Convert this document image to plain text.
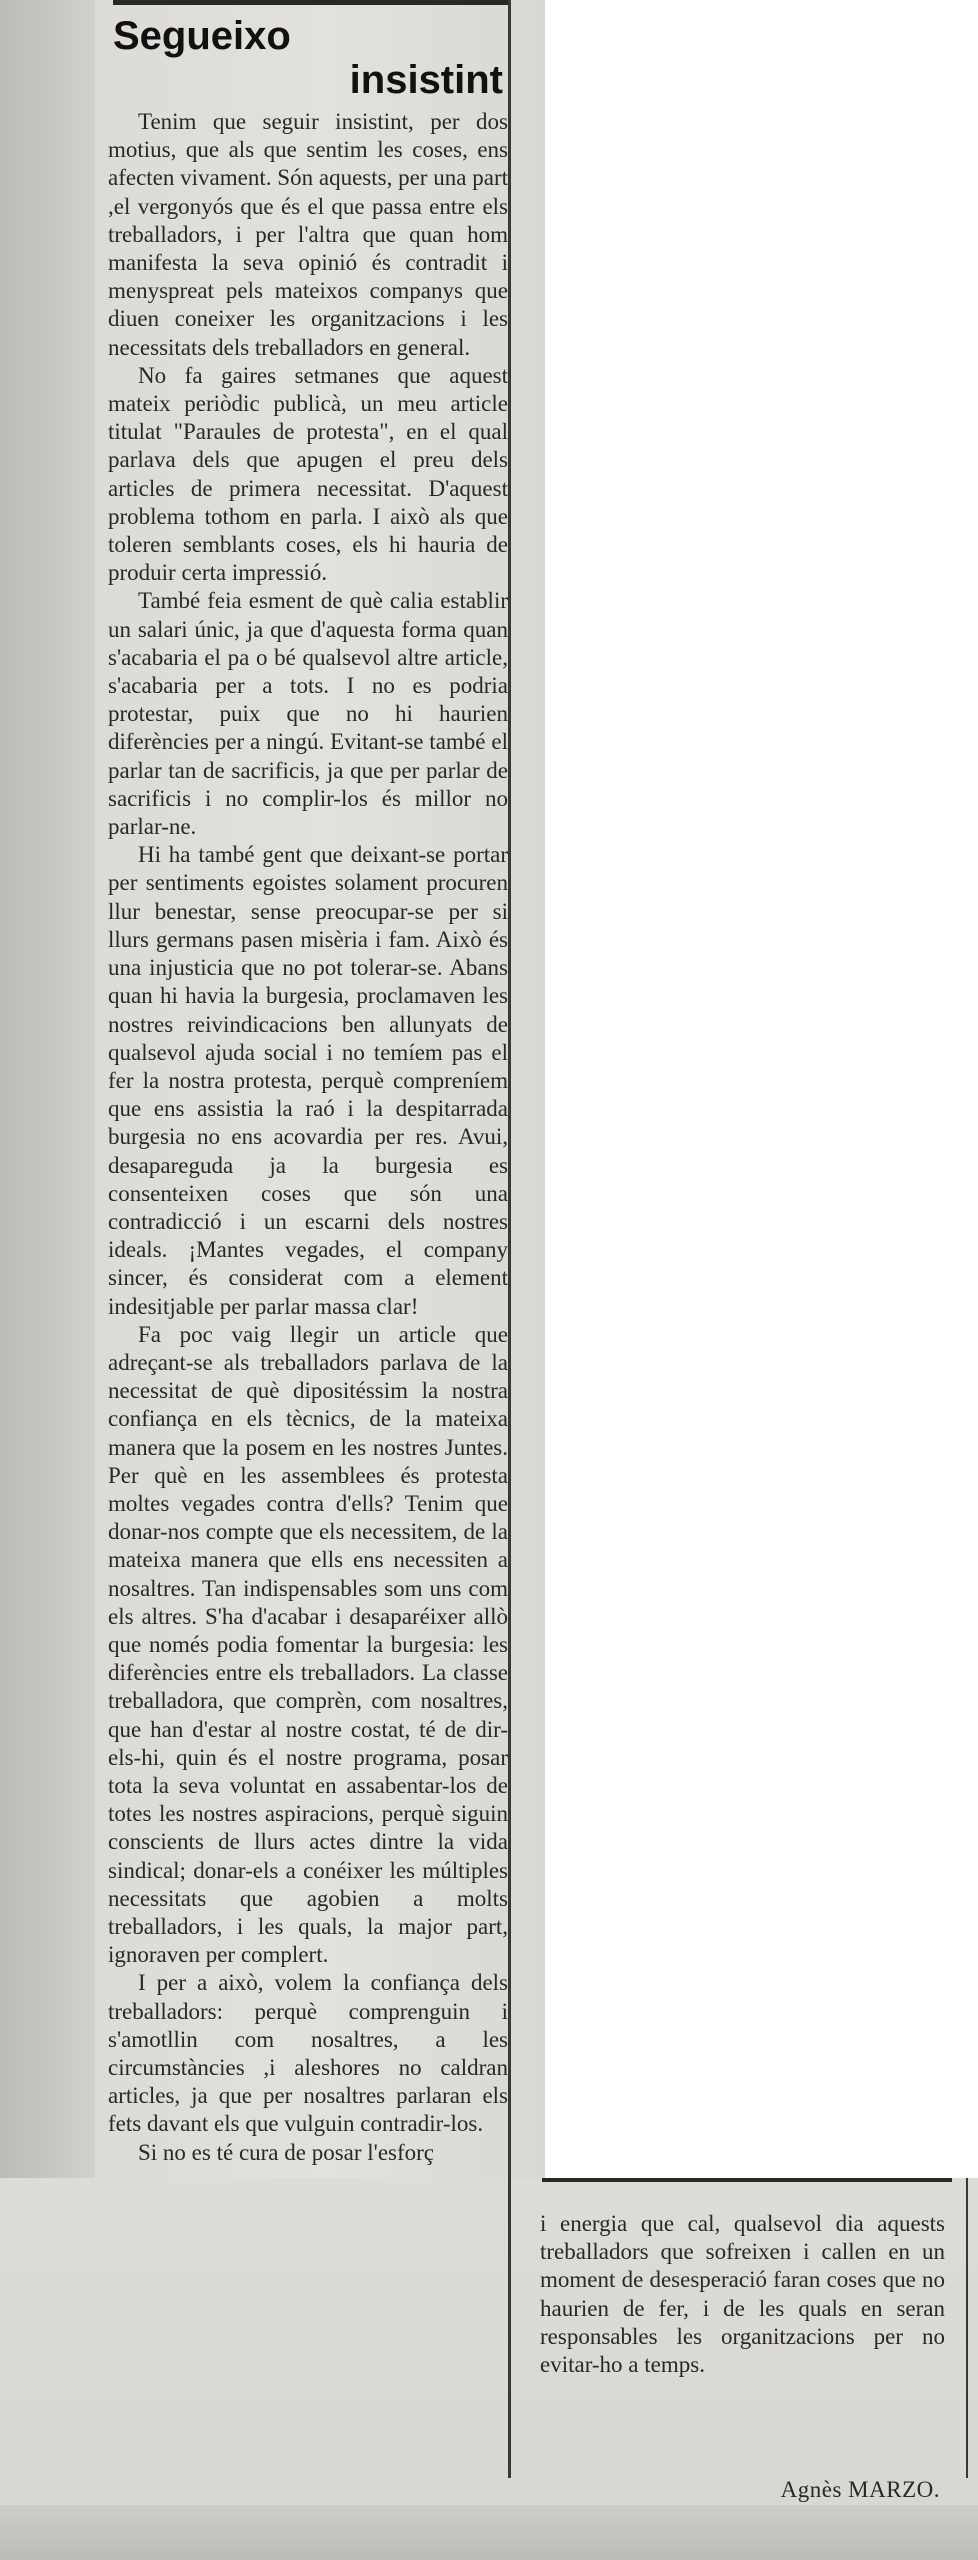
Segueixo
insistint

Tenim que seguir insistint, per dos motius, que als que sentim les coses, ens afecten vivament. Són aquests, per una part ,el vergonyós que és el que passa entre els treballadors, i per l'altra que quan hom manifesta la seva opinió és contradit i menyspreat pels mateixos companys que diuen coneixer les organitzacions i les necessitats dels treballadors en general.

No fa gaires setmanes que aquest mateix periòdic publicà, un meu article titulat "Paraules de protesta", en el qual parlava dels que apugen el preu dels articles de primera necessitat. D'aquest problema tothom en parla. I això als que toleren semblants coses, els hi hauria de produir certa impressió.

També feia esment de què calia establir un salari únic, ja que d'aquesta forma quan s'acabaria el pa o bé qualsevol altre article, s'acabaria per a tots. I no es podria protestar, puix que no hi haurien diferències per a ningú. Evitant-se també el parlar tan de sacrificis, ja que per parlar de sacrificis i no complir-los és millor no parlar-ne.

Hi ha també gent que deixant-se portar per sentiments egoistes solament procuren llur benestar, sense preocupar-se per si llurs germans pasen misèria i fam. Això és una injusticia que no pot tolerar-se. Abans quan hi havia la burgesia, proclamaven les nostres reivindicacions ben allunyats de qualsevol ajuda social i no temíem pas el fer la nostra protesta, perquè compreníem que ens assistia la raó i la despitarrada burgesia no ens acovardia per res. Avui, desapareguda ja la burgesia es consenteixen coses que són una contradicció i un escarni dels nostres ideals. ¡Mantes vegades, el company sincer, és considerat com a element indesitjable per parlar massa clar!

Fa poc vaig llegir un article que adreçant-se als treballadors parlava de la necessitat de què dipositéssim la nostra confiança en els tècnics, de la mateixa manera que la posem en les nostres Juntes. Per què en les assemblees és protesta moltes vegades contra d'ells? Tenim que donar-nos compte que els necessitem, de la mateixa manera que ells ens necessiten a nosaltres. Tan indispensables som uns com els altres. S'ha d'acabar i desaparéixer allò que només podia fomentar la burgesia: les diferències entre els treballadors. La classe treballadora, que comprèn, com nosaltres, que han d'estar al nostre costat, té de dir-els-hi, quin és el nostre programa, posar tota la seva voluntat en assabentar-los de totes les nostres aspiracions, perquè siguin conscients de llurs actes dintre la vida sindical; donar-els a conéixer les múltiples necessitats que agobien a molts treballadors, i les quals, la major part, ignoraven per complert.

I per a això, volem la confiança dels treballadors: perquè comprenguin i s'amotllin com nosaltres, a les circumstàncies ,i aleshores no caldran articles, ja que per nosaltres parlaran els fets davant els que vulguin contradir-los.

Si no es té cura de posar l'esforç

i energia que cal, qualsevol dia aquests treballadors que sofreixen i callen en un moment de desesperació faran coses que no haurien de fer, i de les quals en seran responsables les organitzacions per no evitar-ho a temps.

Agnès MARZO.
